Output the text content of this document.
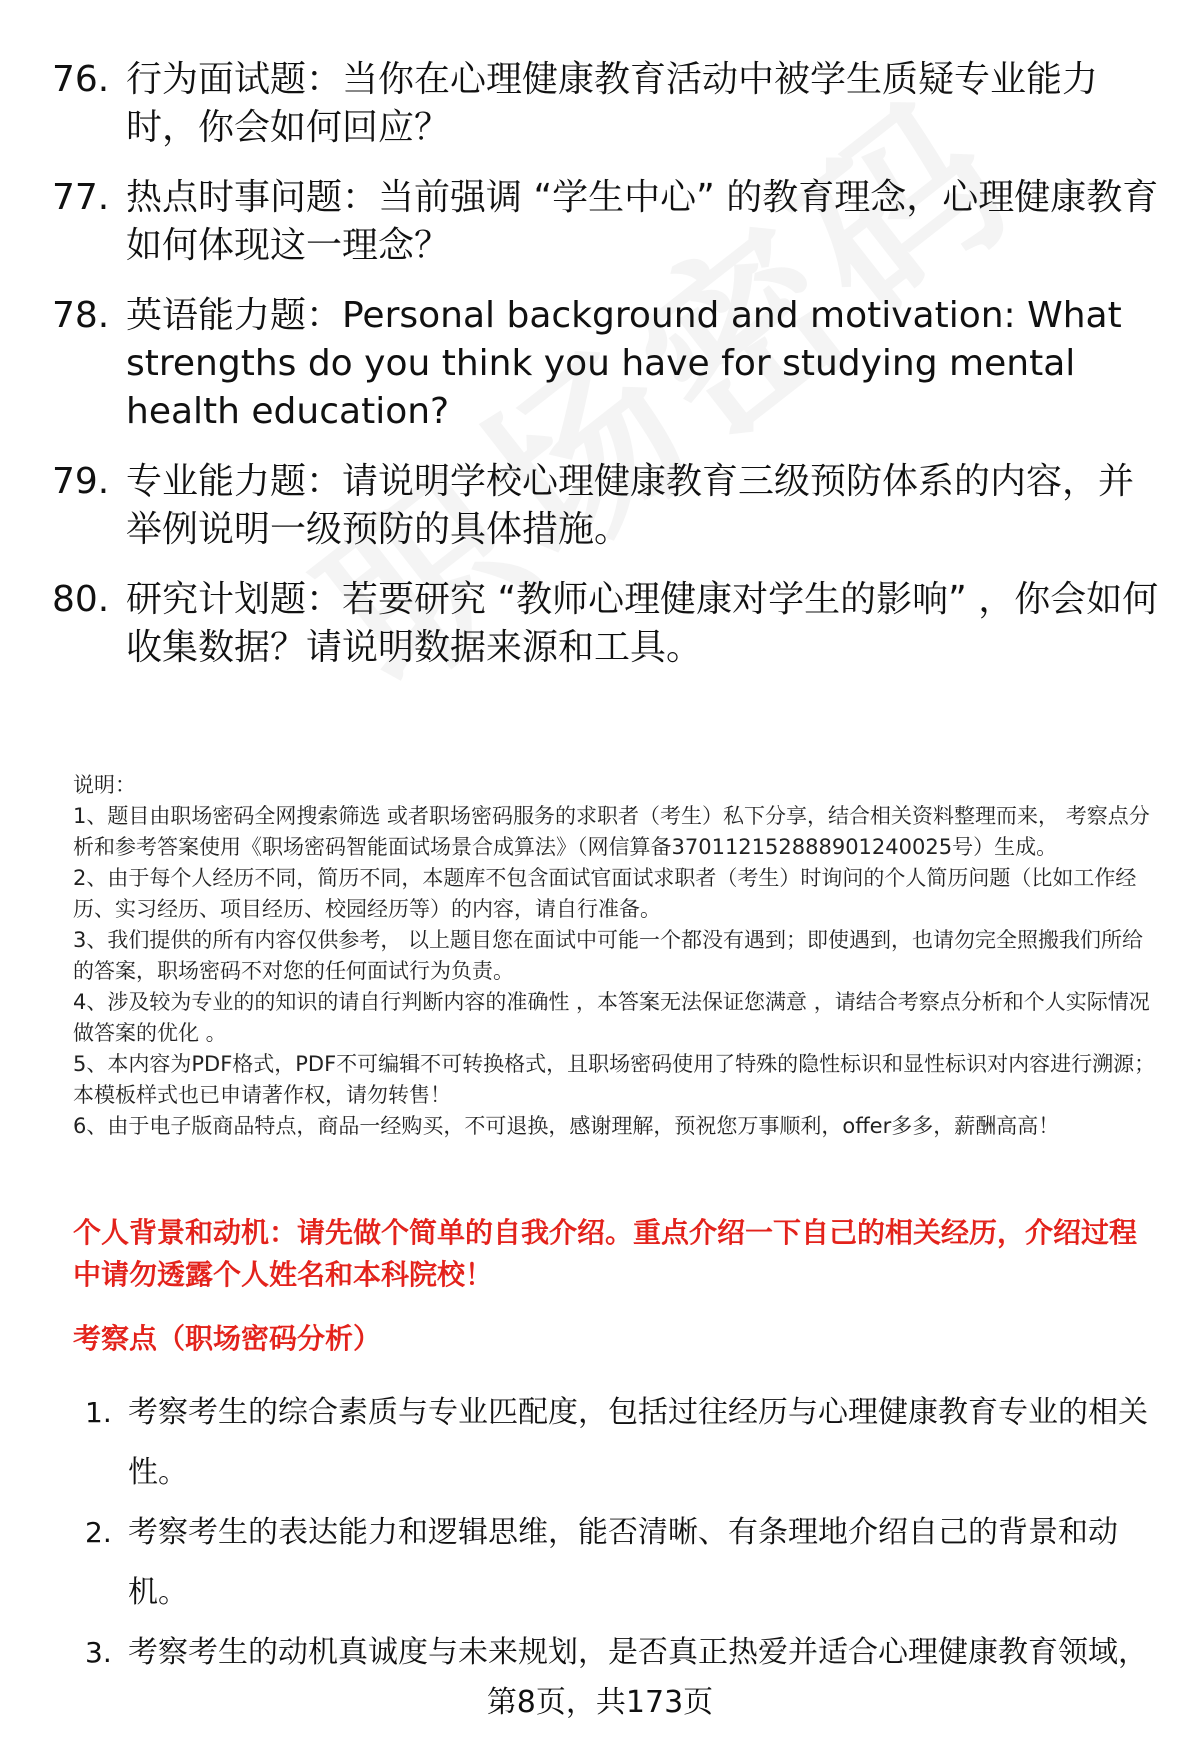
76. 行为面试题：当你在心理健康教育活动中被学生质疑专业能力时，你会如何回应？
77. 热点时事问题：当前强调 “学生中心” 的教育理念，心理健康教育如何体现这一理念？
78. 英语能力题：Personal background and motivation: What strengths do you think you have for studying mental health education?
79. 专业能力题：请说明学校心理健康教育三级预防体系的内容，并举例说明一级预防的具体措施。
80. 研究计划题：若要研究 “教师心理健康对学生的影响” ，你会如何收集数据？请说明数据来源和工具。

说明：

1、题目由职场密码全网搜索筛选 或者职场密码服务的求职者（考生）私下分享，结合相关资料整理而来， 考察点分析和参考答案使用《职场密码智能面试场景合成算法》（网信算备370112152888901240025号）生成。

2、由于每个人经历不同，简历不同，本题库不包含面试官面试求职者（考生）时询问的个人简历问题（比如工作经历、实习经历、项目经历、校园经历等）的内容，请自行准备。

3、我们提供的所有内容仅供参考， 以上题目您在面试中可能一个都没有遇到；即使遇到，也请勿完全照搬我们所给的答案，职场密码不对您的任何面试行为负责。

4、涉及较为专业的的知识的请自行判断内容的准确性 ，本答案无法保证您满意 ，请结合考察点分析和个人实际情况做答案的优化 。

5、本内容为PDF格式，PDF不可编辑不可转换格式，且职场密码使用了特殊的隐性标识和显性标识对内容进行溯源；本模板样式也已申请著作权，请勿转售！

6、由于电子版商品特点，商品一经购买，不可退换，感谢理解，预祝您万事顺利，offer多多，薪酬高高！

个人背景和动机：请先做个简单的自我介绍。重点介绍一下自己的相关经历，介绍过程中请勿透露个人姓名和本科院校！
考察点（职场密码分析）
1. 考察考生的综合素质与专业匹配度，包括过往经历与心理健康教育专业的相关性。
2. 考察考生的表达能力和逻辑思维，能否清晰、有条理地介绍自己的背景和动机。
3. 考察考生的动机真诚度与未来规划，是否真正热爱并适合心理健康教育领域，
第8页，共173页
